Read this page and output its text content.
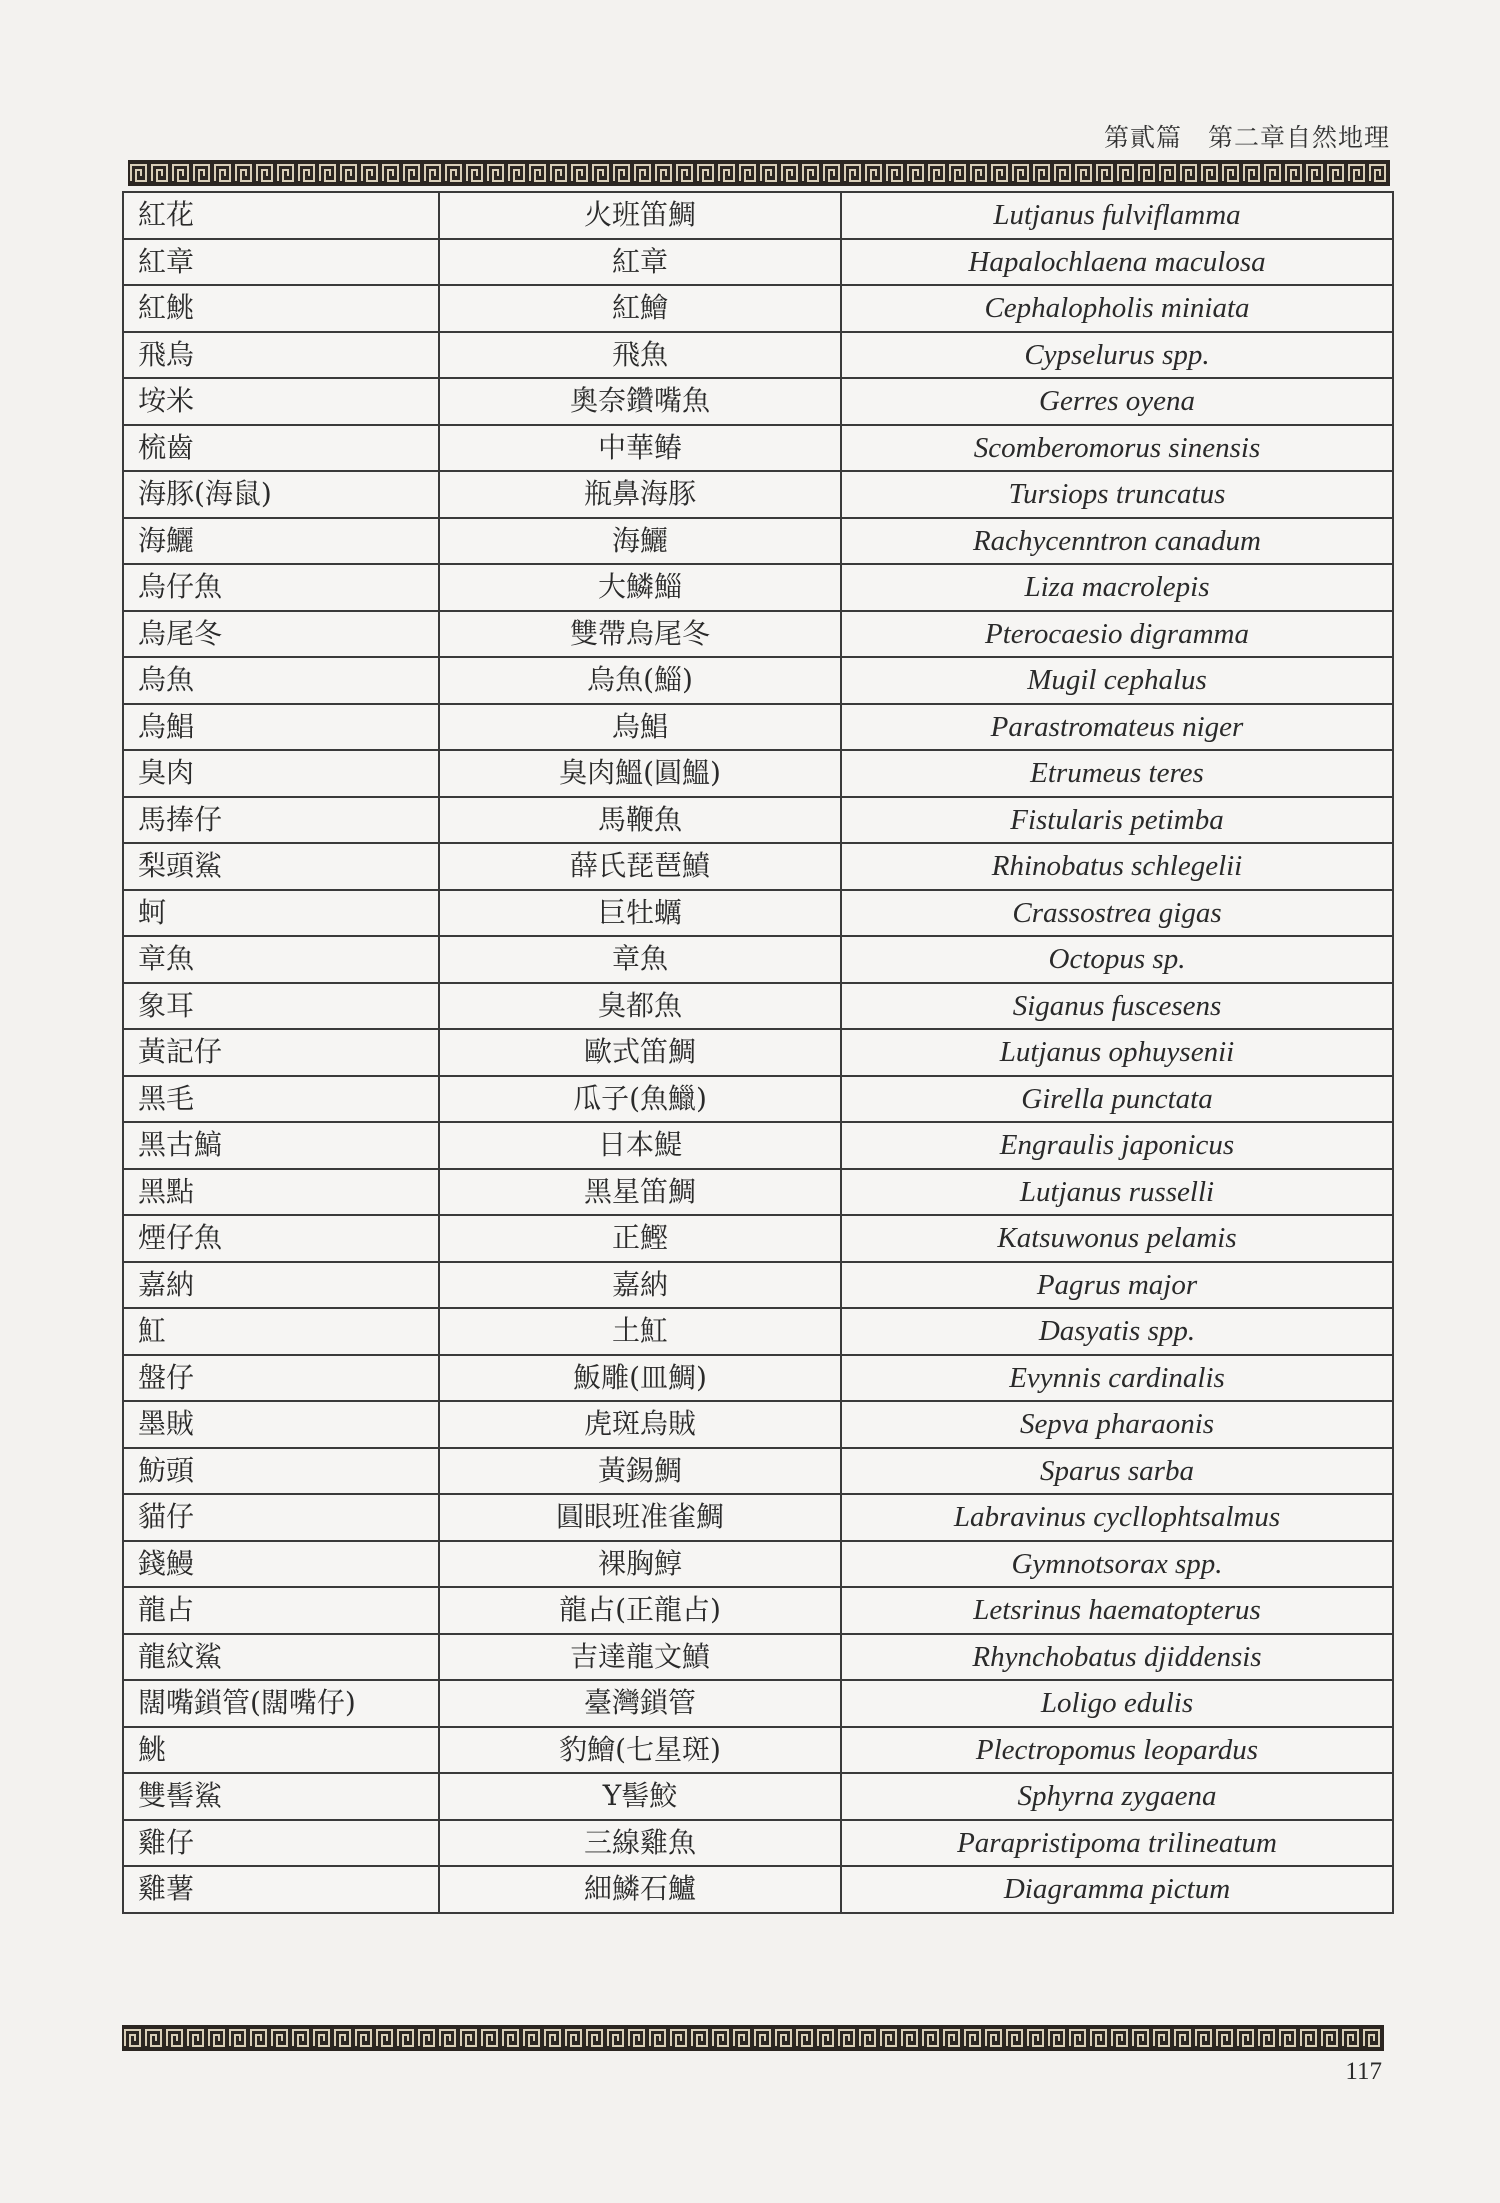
第貳篇　第二章自然地理
紅花	火班笛鯛	Lutjanus fulviflamma
紅章	紅章	Hapalochlaena maculosa
紅鮡	紅鱠	Cephalopholis miniata
飛烏	飛魚	Cypselurus spp.
垵米	奧奈鑽嘴魚	Gerres oyena
梳齒	中華䲠	Scomberomorus sinensis
海豚(海鼠)	瓶鼻海豚	Tursiops truncatus
海鱺	海鱺	Rachycenntron canadum
烏仔魚	大鱗鯔	Liza macrolepis
烏尾冬	雙帶烏尾冬	Pterocaesio digramma
烏魚	烏魚(鯔)	Mugil cephalus
烏鯧	烏鯧	Parastromateus niger
臭肉	臭肉鰮(圓鰮)	Etrumeus teres
馬捧仔	馬鞭魚	Fistularis petimba
梨頭鯊	薛氏琵琶鱝	Rhinobatus schlegelii
蚵	巨牡蠣	Crassostrea gigas
章魚	章魚	Octopus sp.
象耳	臭都魚	Siganus fuscesens
黃記仔	歐式笛鯛	Lutjanus ophuysenii
黑毛	瓜子(魚鱲)	Girella punctata
黑古鰝	日本鯷	Engraulis japonicus
黑點	黑星笛鯛	Lutjanus russelli
煙仔魚	正鰹	Katsuwonus pelamis
嘉納	嘉納	Pagrus major
魟	土魟	Dasyatis spp.
盤仔	魬雕(皿鯛)	Evynnis cardinalis
墨賊	虎斑烏賊	Sepva pharaonis
魴頭	黃錫鯛	Sparus sarba
貓仔	圓眼班准雀鯛	Labravinus cycllophtsalmus
錢鰻	裸胸鯙	Gymnotsorax spp.
龍占	龍占(正龍占)	Letsrinus haematopterus
龍紋鯊	吉達龍文鱝	Rhynchobatus djiddensis
闊嘴鎖管(闊嘴仔)	臺灣鎖管	Loligo edulis
鮡	豹鱠(七星斑)	Plectropomus leopardus
雙髻鯊	Y髻鮫	Sphyrna zygaena
雞仔	三線雞魚	Parapristipoma trilineatum
雞薯	細鱗石鱸	Diagramma pictum
117
